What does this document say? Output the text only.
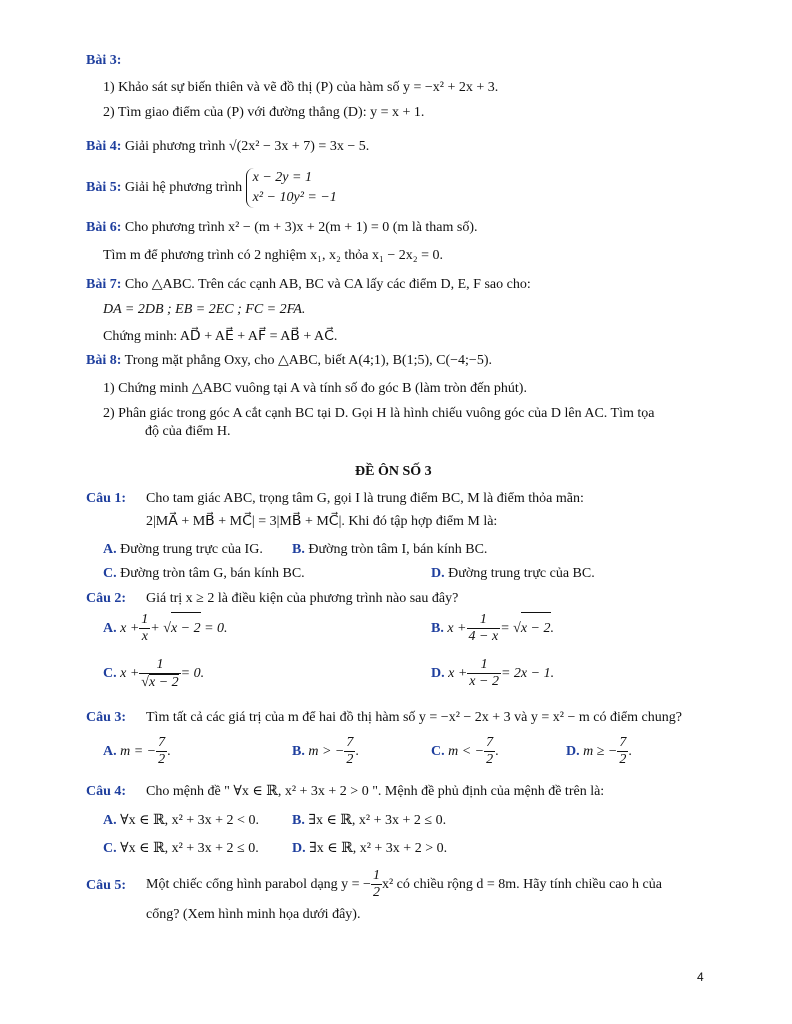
Bài 3:
1) Khảo sát sự biến thiên và vẽ đồ thị (P) của hàm số y = −x² + 2x + 3.
2) Tìm giao điểm của (P) với đường thẳng (D): y = x + 1.
Bài 4: Giải phương trình √(2x² − 3x + 7) = 3x − 5.
Bài 5: Giải hệ phương trình
x − 2y = 1
x² − 10y² = −1
Bài 6: Cho phương trình x² − (m + 3)x + 2(m + 1) = 0 (m là tham số).
Tìm m để phương trình có 2 nghiệm x₁, x₂ thỏa x₁ − 2x₂ = 0.
Bài 7: Cho △ABC. Trên các cạnh AB, BC và CA lấy các điểm D, E, F sao cho:
DA = 2DB ; EB = 2EC ; FC = 2FA.
Chứng minh: AD⃗ + AE⃗ + AF⃗ = AB⃗ + AC⃗.
Bài 8: Trong mặt phẳng Oxy, cho △ABC, biết A(4;1), B(1;5), C(−4;−5).
1) Chứng minh △ABC vuông tại A và tính số đo góc B (làm tròn đến phút).
2) Phân giác trong góc A cắt cạnh BC tại D. Gọi H là hình chiếu vuông góc của D lên AC. Tìm tọa
độ của điểm H.
ĐỀ ÔN SỐ 3
Câu 1: Cho tam giác ABC, trọng tâm G, gọi I là trung điểm BC, M là điểm thỏa mãn:
2|MA⃗ + MB⃗ + MC⃗| = 3|MB⃗ + MC⃗|. Khi đó tập hợp điểm M là:
A. Đường trung trực của IG. B. Đường tròn tâm I, bán kính BC.
C. Đường tròn tâm G, bán kính BC.	D. Đường trung trực của BC.
Câu 2: Giá trị x ≥ 2 là điều kiện của phương trình nào sau đây?
A. $x + \frac{1}{x} + √x - 2 = 0$.	B. $x + \frac{1}{4 - x} = √x - 2$.
C. $x + \frac{1}{√x - 2} = 0$.	D. $x + \frac{1}{x - 2} = 2x - 1$.
Câu 3: Tìm tất cả các giá trị của m để hai đồ thị hàm số y = −x² − 2x + 3 và y = x² − m có điểm chung?
A. m = − $\frac{7}{2}$ .	B. m > − $\frac{7}{2}$ .	C. m < − $\frac{7}{2}$ .	D. m ≥ − $\frac{7}{2}$ .
Câu 4: Cho mệnh đề " ∀x ∈ ℝ, x² + 3x + 2 > 0 ". Mệnh đề phủ định của mệnh đề trên là:
A. ∀x ∈ ℝ, x² + 3x + 2 < 0. B. ∃x ∈ ℝ, x² + 3x + 2 ≤ 0.
C. ∀x ∈ ℝ, x² + 3x + 2 ≤ 0. D. ∃x ∈ ℝ, x² + 3x + 2 > 0.
Câu 5: Một chiếc cổng hình parabol dạng y = − $\frac{1}{2} x^2$ có chiều rộng d = 8m. Hãy tính chiều cao h của
cổng? (Xem hình minh họa dưới đây).
4
